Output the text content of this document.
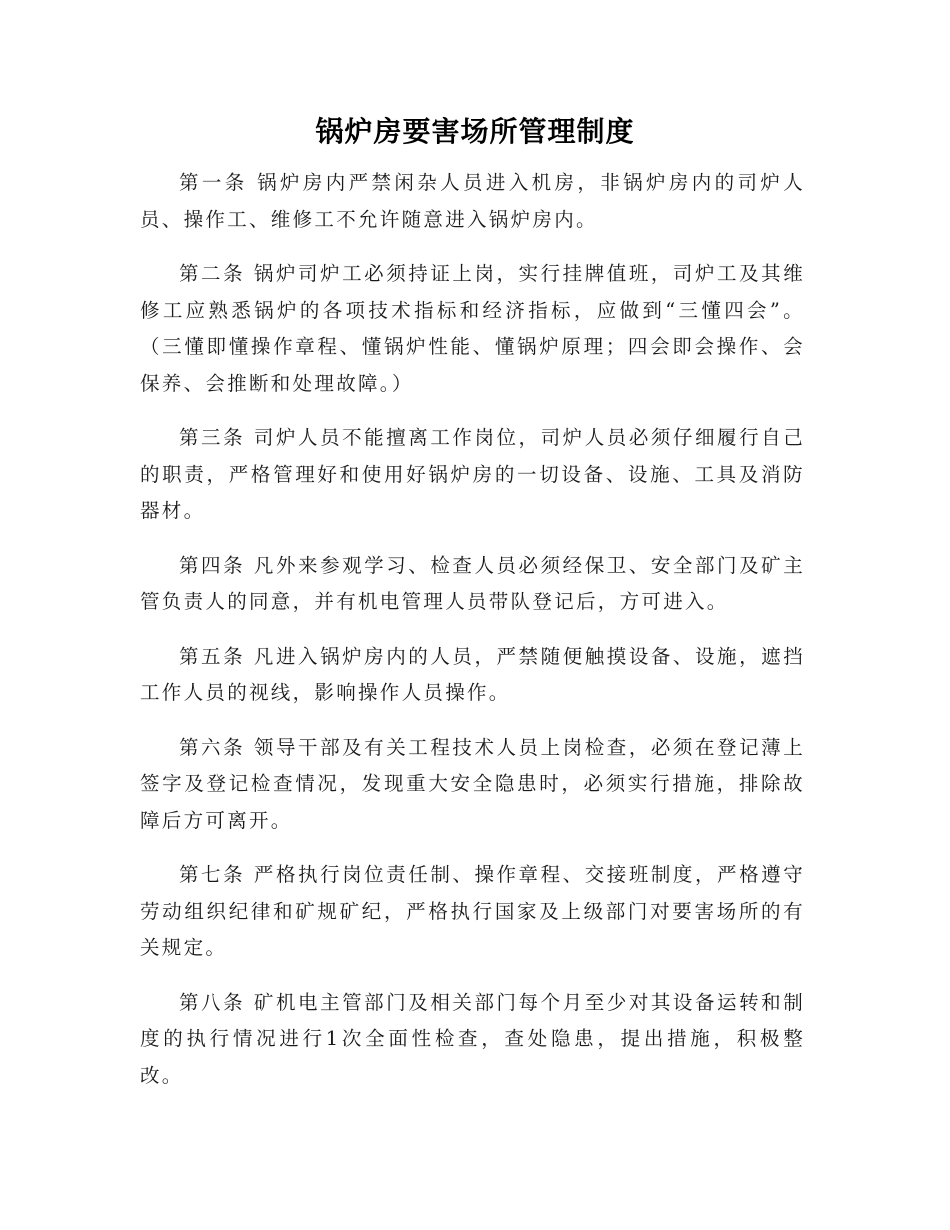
锅炉房要害场所管理制度

第一条 锅炉房内严禁闲杂人员进入机房，非锅炉房内的司炉人员、操作工、维修工不允许随意进入锅炉房内。

第二条 锅炉司炉工必须持证上岗，实行挂牌值班，司炉工及其维修工应熟悉锅炉的各项技术指标和经济指标，应做到“三懂四会”。（三懂即懂操作章程、懂锅炉性能、懂锅炉原理；四会即会操作、会保养、会推断和处理故障。）

第三条 司炉人员不能擅离工作岗位，司炉人员必须仔细履行自己的职责，严格管理好和使用好锅炉房的一切设备、设施、工具及消防器材。

第四条 凡外来参观学习、检查人员必须经保卫、安全部门及矿主管负责人的同意，并有机电管理人员带队登记后，方可进入。

第五条 凡进入锅炉房内的人员，严禁随便触摸设备、设施，遮挡工作人员的视线，影响操作人员操作。

第六条 领导干部及有关工程技术人员上岗检查，必须在登记薄上签字及登记检查情况，发现重大安全隐患时，必须实行措施，排除故障后方可离开。

第七条 严格执行岗位责任制、操作章程、交接班制度，严格遵守劳动组织纪律和矿规矿纪，严格执行国家及上级部门对要害场所的有关规定。

第八条 矿机电主管部门及相关部门每个月至少对其设备运转和制度的执行情况进行1次全面性检查，查处隐患，提出措施，积极整改。
